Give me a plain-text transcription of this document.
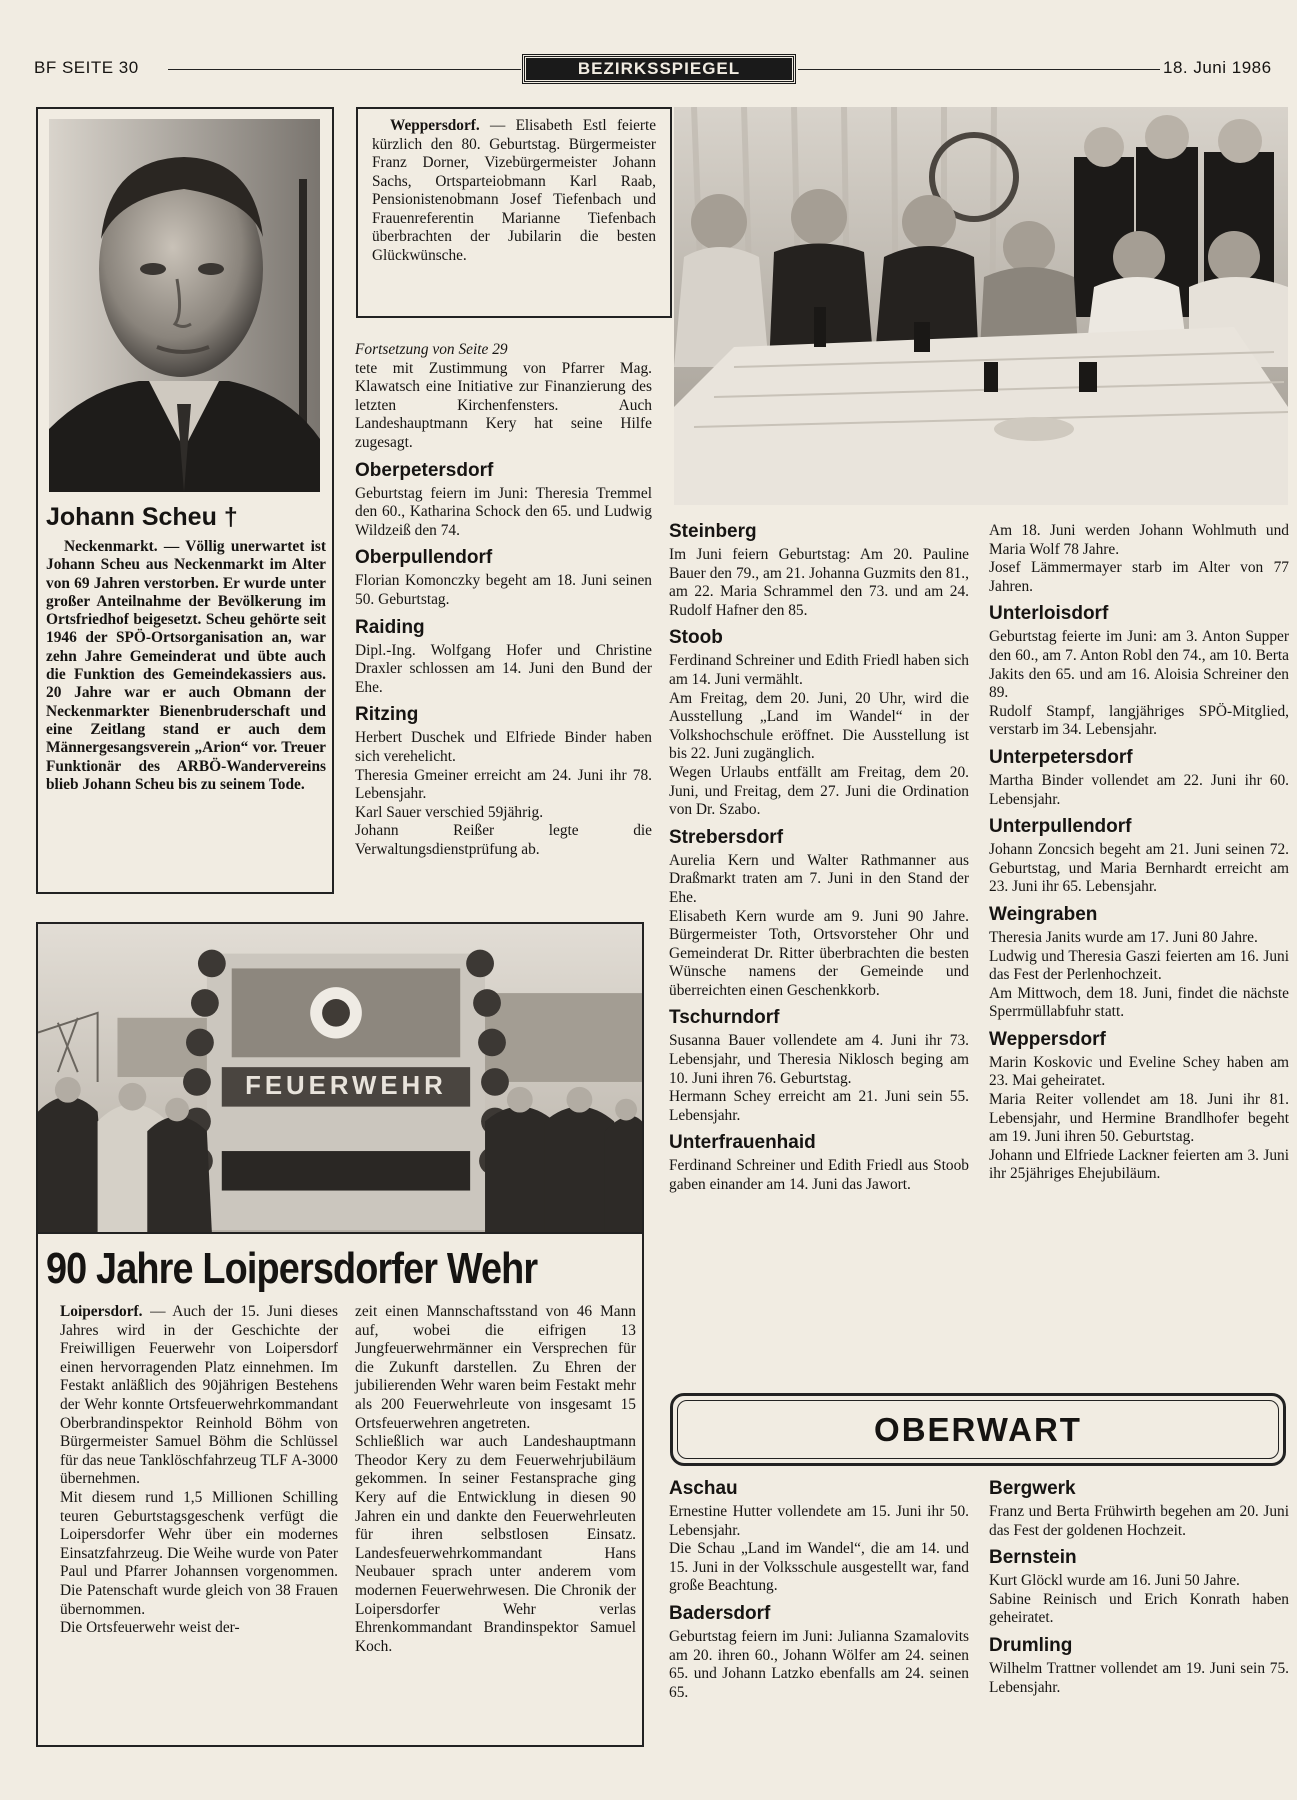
BF SEITE 30	BEZIRKSSPIEGEL	18. Juni 1986
Johann Scheu †

Neckenmarkt. — Völlig unerwartet ist Johann Scheu aus Neckenmarkt im Alter von 69 Jahren verstorben. Er wurde unter großer Anteilnahme der Bevölkerung im Ortsfriedhof beigesetzt. Scheu gehörte seit 1946 der SPÖ-Ortsorganisation an, war zehn Jahre Gemeinderat und übte auch die Funktion des Gemeindekassiers aus. 20 Jahre war er auch Obmann der Neckenmarkter Bienenbruderschaft und eine Zeitlang stand er auch dem Männergesangsverein „Arion“ vor. Treuer Funktionär des ARBÖ-Wandervereins blieb Johann Scheu bis zu seinem Tode.

Weppersdorf. — Elisabeth Estl feierte kürzlich den 80. Geburtstag. Bürgermeister Franz Dorner, Vizebürgermeister Johann Sachs, Ortsparteiobmann Karl Raab, Pensionistenobmann Josef Tiefenbach und Frauenreferentin Marianne Tiefenbach überbrachten der Jubilarin die besten Glückwünsche.

Fortsetzung von Seite 29

tete mit Zustimmung von Pfarrer Mag. Klawatsch eine Initiative zur Finanzierung des letzten Kirchenfensters. Auch Landeshauptmann Kery hat seine Hilfe zugesagt.

Oberpetersdorf

Geburtstag feiern im Juni: Theresia Tremmel den 60., Katharina Schock den 65. und Ludwig Wildzeiß den 74.

Oberpullendorf

Florian Komonczky begeht am 18. Juni seinen 50. Geburtstag.

Raiding

Dipl.-Ing. Wolfgang Hofer und Christine Draxler schlossen am 14. Juni den Bund der Ehe.

Ritzing

Herbert Duschek und Elfriede Binder haben sich verehelicht.

Theresia Gmeiner erreicht am 24. Juni ihr 78. Lebensjahr.

Karl Sauer verschied 59jährig.

Johann Reißer legte die Verwaltungsdienstprüfung ab.

Steinberg

Im Juni feiern Geburtstag: Am 20. Pauline Bauer den 79., am 21. Johanna Guzmits den 81., am 22. Maria Schrammel den 73. und am 24. Rudolf Hafner den 85.

Stoob

Ferdinand Schreiner und Edith Friedl haben sich am 14. Juni vermählt.

Am Freitag, dem 20. Juni, 20 Uhr, wird die Ausstellung „Land im Wandel“ in der Volkshochschule eröffnet. Die Ausstellung ist bis 22. Juni zugänglich.

Wegen Urlaubs entfällt am Freitag, dem 20. Juni, und Freitag, dem 27. Juni die Ordination von Dr. Szabo.

Strebersdorf

Aurelia Kern und Walter Rathmanner aus Draßmarkt traten am 7. Juni in den Stand der Ehe.

Elisabeth Kern wurde am 9. Juni 90 Jahre. Bürgermeister Toth, Ortsvorsteher Ohr und Gemeinderat Dr. Ritter überbrachten die besten Wünsche namens der Gemeinde und überreichten einen Geschenkkorb.

Tschurndorf

Susanna Bauer vollendete am 4. Juni ihr 73. Lebensjahr, und Theresia Niklosch beging am 10. Juni ihren 76. Geburtstag.

Hermann Schey erreicht am 21. Juni sein 55. Lebensjahr.

Unterfrauenhaid

Ferdinand Schreiner und Edith Friedl aus Stoob gaben einander am 14. Juni das Jawort.

Am 18. Juni werden Johann Wohlmuth und Maria Wolf 78 Jahre.

Josef Lämmermayer starb im Alter von 77 Jahren.

Unterloisdorf

Geburtstag feierte im Juni: am 3. Anton Supper den 60., am 7. Anton Robl den 74., am 10. Berta Jakits den 65. und am 16. Aloisia Schreiner den 89.

Rudolf Stampf, langjähriges SPÖ-Mitglied, verstarb im 34. Lebensjahr.

Unterpetersdorf

Martha Binder vollendet am 22. Juni ihr 60. Lebensjahr.

Unterpullendorf

Johann Zoncsich begeht am 21. Juni seinen 72. Geburtstag, und Maria Bernhardt erreicht am 23. Juni ihr 65. Lebensjahr.

Weingraben

Theresia Janits wurde am 17. Juni 80 Jahre.

Ludwig und Theresia Gaszi feierten am 16. Juni das Fest der Perlenhochzeit.

Am Mittwoch, dem 18. Juni, findet die nächste Sperrmüllabfuhr statt.

Weppersdorf

Marin Koskovic und Eveline Schey haben am 23. Mai geheiratet.

Maria Reiter vollendet am 18. Juni ihr 81. Lebensjahr, und Hermine Brandlhofer begeht am 19. Juni ihren 50. Geburtstag.

Johann und Elfriede Lackner feierten am 3. Juni ihr 25jähriges Ehejubiläum.

FEUERWEHR
90 Jahre Loipersdorfer Wehr

Loipersdorf. — Auch der 15. Juni dieses Jahres wird in der Geschichte der Freiwilligen Feuerwehr von Loipersdorf einen hervorragenden Platz einnehmen. Im Festakt anläßlich des 90jährigen Bestehens der Wehr konnte Ortsfeuerwehrkommandant Oberbrandinspektor Reinhold Böhm von Bürgermeister Samuel Böhm die Schlüssel für das neue Tanklöschfahrzeug TLF A-3000 übernehmen.

Mit diesem rund 1,5 Millionen Schilling teuren Geburtstagsgeschenk verfügt die Loipersdorfer Wehr über ein modernes Einsatzfahrzeug. Die Weihe wurde von Pater Paul und Pfarrer Johannsen vorgenommen. Die Patenschaft wurde gleich von 38 Frauen übernommen.

Die Ortsfeuerwehr weist der-

zeit einen Mannschaftsstand von 46 Mann auf, wobei die eifrigen 13 Jungfeuerwehrmänner ein Versprechen für die Zukunft darstellen. Zu Ehren der jubilierenden Wehr waren beim Festakt mehr als 200 Feuerwehrleute von insgesamt 15 Ortsfeuerwehren angetreten.

Schließlich war auch Landeshauptmann Theodor Kery zu dem Feuerwehrjubiläum gekommen. In seiner Festansprache ging Kery auf die Entwicklung in diesen 90 Jahren ein und dankte den Feuerwehrleuten für ihren selbstlosen Einsatz. Landesfeuerwehrkommandant Hans Neubauer sprach unter anderem vom modernen Feuerwehrwesen. Die Chronik der Loipersdorfer Wehr verlas Ehrenkommandant Brandinspektor Samuel Koch.

OBERWART
Aschau

Ernestine Hutter vollendete am 15. Juni ihr 50. Lebensjahr.

Die Schau „Land im Wandel“, die am 14. und 15. Juni in der Volksschule ausgestellt war, fand große Beachtung.

Badersdorf

Geburtstag feiern im Juni: Julianna Szamalovits am 20. ihren 60., Johann Wölfer am 24. seinen 65. und Johann Latzko ebenfalls am 24. seinen 65.

Bergwerk

Franz und Berta Frühwirth begehen am 20. Juni das Fest der goldenen Hochzeit.

Bernstein

Kurt Glöckl wurde am 16. Juni 50 Jahre.

Sabine Reinisch und Erich Konrath haben geheiratet.

Drumling

Wilhelm Trattner vollendet am 19. Juni sein 75. Lebensjahr.
